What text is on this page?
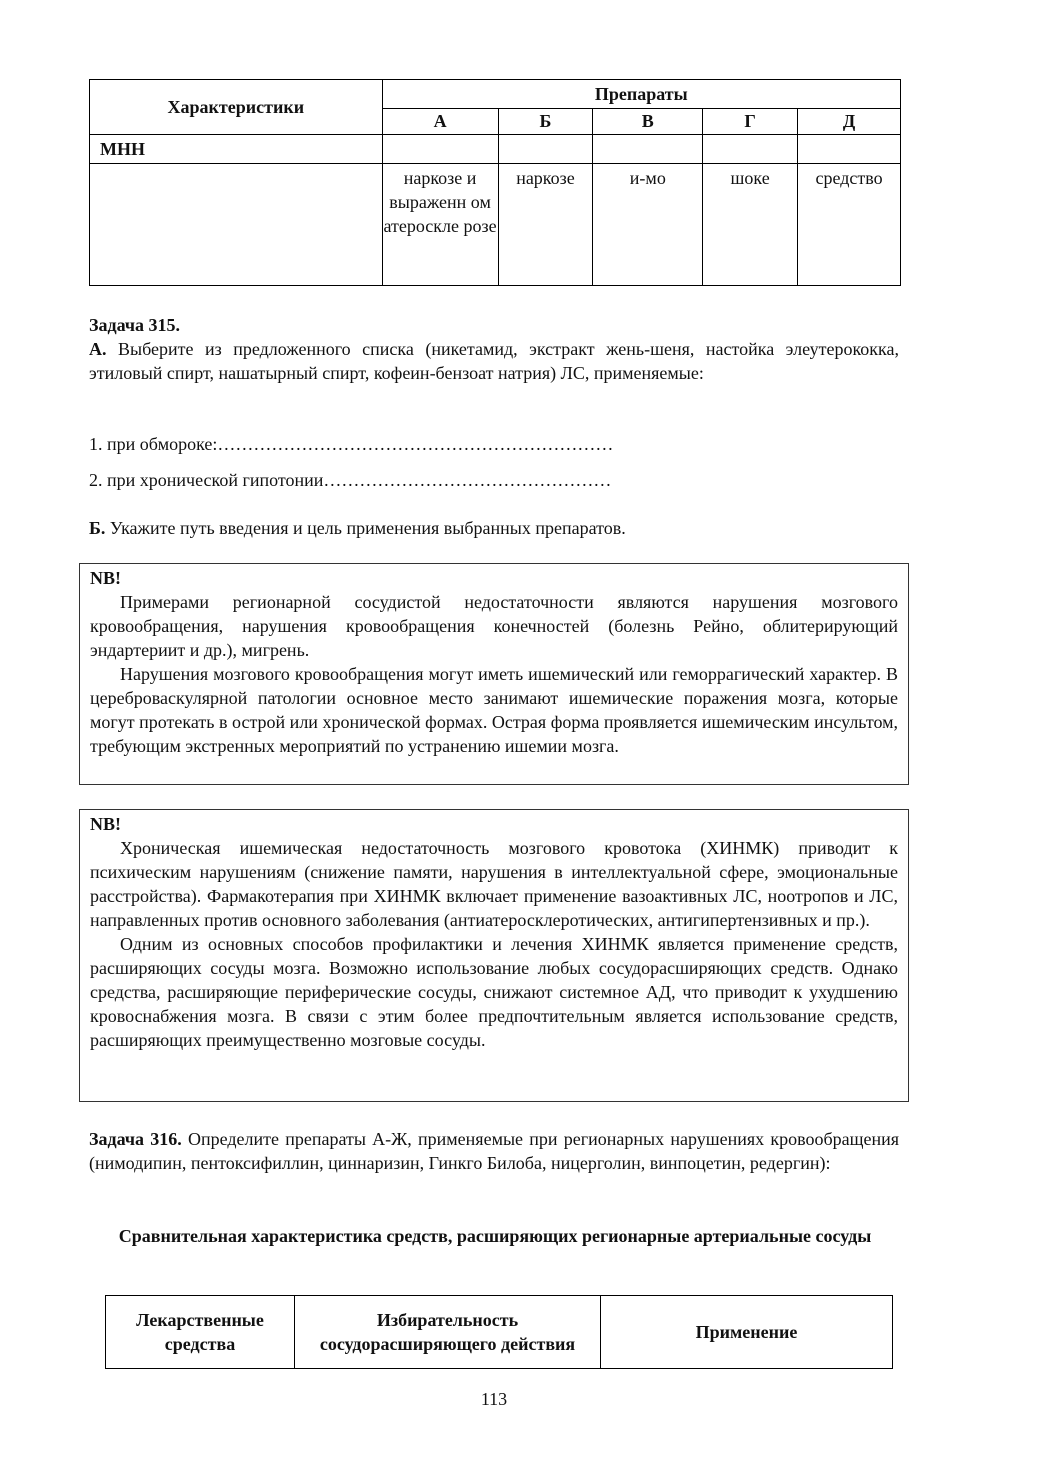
Характеристики	Препараты				
	А	Б	В	Г	Д
МНН					
	наркозе и выраженн ом атероскле розе	наркозе	и-мо	шоке	средство
Задача 315.
А. Выберите из предложенного списка (никетамид, экстракт жень-шеня, настойка элеутерококка, этиловый спирт, нашатырный спирт, кофеин-бензоат натрия) ЛС, применяемые:
1. при обмороке:…………………………………………………………
2. при хронической гипотонии…………………………………………
Б. Укажите путь введения и цель применения выбранных препаратов.
NB!
Примерами регионарной сосудистой недостаточности являются нарушения мозгового кровообращения, нарушения кровообращения конечностей (болезнь Рейно, облитерирующий эндартериит и др.), мигрень.
Нарушения мозгового кровообращения могут иметь ишемический или геморрагический характер. В цереброваскулярной патологии основное место занимают ишемические поражения мозга, которые могут протекать в острой или хронической формах. Острая форма проявляется ишемическим инсультом, требующим экстренных мероприятий по устранению ишемии мозга.
NB!
Хроническая ишемическая недостаточность мозгового кровотока (ХИНМК) приводит к психическим нарушениям (снижение памяти, нарушения в интеллектуальной сфере, эмоциональные расстройства). Фармакотерапия при ХИНМК включает применение вазоактивных ЛС, ноотропов и ЛС, направленных против основного заболевания (антиатеросклеротических, антигипертензивных и пр.).
Одним из основных способов профилактики и лечения ХИНМК является применение средств, расширяющих сосуды мозга. Возможно использование любых сосудорасширяющих средств. Однако средства, расширяющие периферические сосуды, снижают системное АД, что приводит к ухудшению кровоснабжения мозга. В связи с этим более предпочтительным является использование средств, расширяющих преимущественно мозговые сосуды.
Задача 316. Определите препараты А-Ж, применяемые при регионарных нарушениях кровообращения (нимодипин, пентоксифиллин, циннаризин, Гинкго Билоба, ницерголин, винпоцетин, редергин):
Сравнительная характеристика средств, расширяющих регионарные артериальные сосуды
Лекарственные средства	Избирательность сосудорасширяющего действия	Применение
113
